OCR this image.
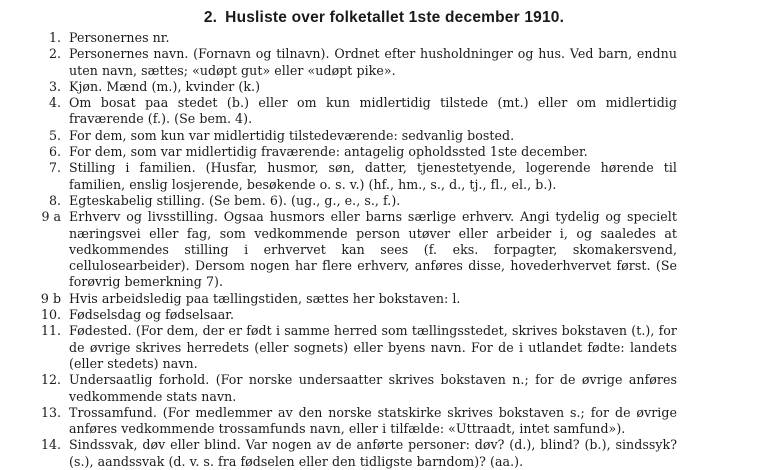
2. Husliste over folketallet 1ste december 1910.
1. Personernes nr.
2. Personernes navn. (Fornavn og tilnavn). Ordnet efter husholdninger og hus. Ved barn, endnu uten navn, sættes; «udøpt gut» eller «udøpt pike».
3. Kjøn. Mænd (m.), kvinder (k.)
4. Om bosat paa stedet (b.) eller om kun midlertidig tilstede (mt.) eller om midlertidig fraværende (f.). (Se bem. 4).
5. For dem, som kun var midlertidig tilstedeværende: sedvanlig bosted.
6. For dem, som var midlertidig fraværende: antagelig opholdssted 1ste december.
7. Stilling i familien. (Husfar, husmor, søn, datter, tjenestetyende, logerende hørende til familien, enslig losjerende, besøkende o. s. v.) (hf., hm., s., d., tj., fl., el., b.).
8. Egteskabelig stilling. (Se bem. 6). (ug., g., e., s., f.).
9 a Erhverv og livsstilling. Ogsaa husmors eller barns særlige erhverv. Angi tydelig og specielt næringsvei eller fag, som vedkommende person utøver eller arbeider i, og saaledes at vedkommendes stilling i erhvervet kan sees (f. eks. forpagter, skomakersvend, cellulosearbeider). Dersom nogen har flere erhverv, anføres disse, hovederhvervet først. (Se forøvrig bemerkning 7).
9 b Hvis arbeidsledig paa tællingstiden, sættes her bokstaven: l.
10. Fødselsdag og fødselsaar.
11. Fødested. (For dem, der er født i samme herred som tællingsstedet, skrives bokstaven (t.), for de øvrige skrives herredets (eller sognets) eller byens navn. For de i utlandet fødte: landets (eller stedets) navn.
12. Undersaatlig forhold. (For norske undersaatter skrives bokstaven n.; for de øvrige anføres vedkommende stats navn.
13. Trossamfund. (For medlemmer av den norske statskirke skrives bokstaven s.; for de øvrige anføres vedkommende trossamfunds navn, eller i tilfælde: «Uttraadt, intet samfund»).
14. Sindssvak, døv eller blind. Var nogen av de anførte personer: døv? (d.), blind? (b.), sindssyk? (s.), aandssvak (d. v. s. fra fødselen eller den tidligste barndom)? (aa.).
